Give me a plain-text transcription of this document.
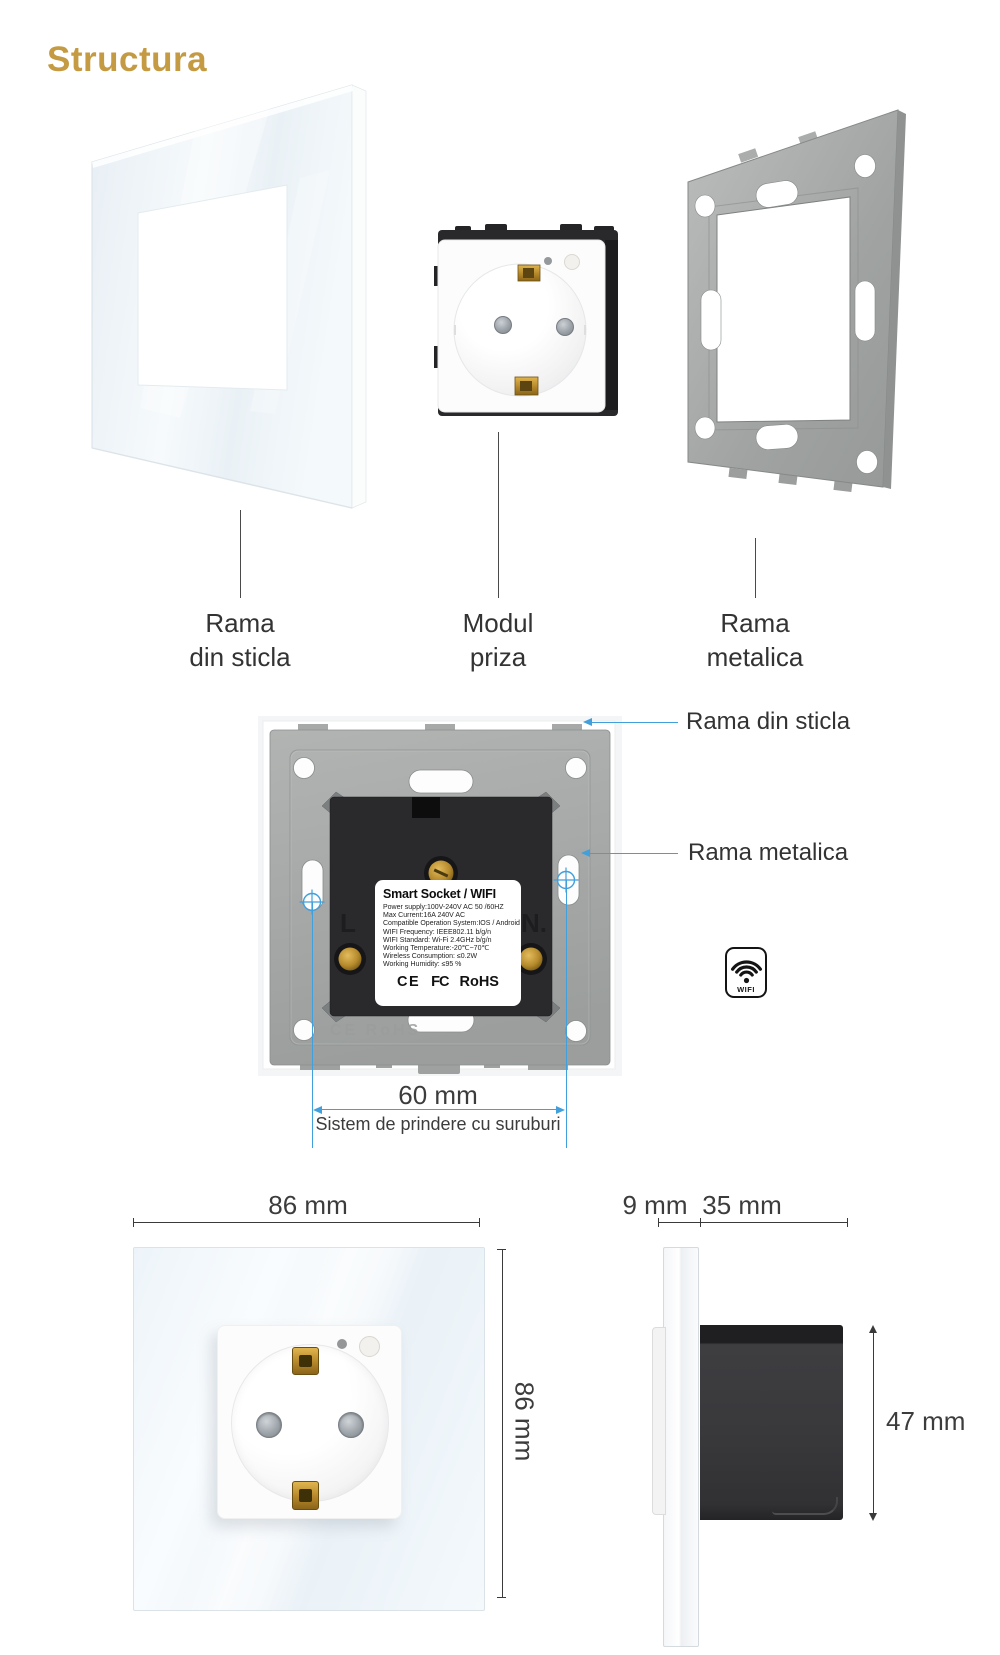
Structura
Rama
din sticla
Modul
priza
Rama
metalica
L	N.
Smart Socket / WIFI
Power supply:100V-240V AC 50 /60HZ
Max Current:16A 240V AC
Compatible Operation System:IOS / Android
WIFI Frequency: IEEE802.11 b/g/n
WIFI Standard: Wi-Fi 2.4GHz b/g/n
Working Temperature:-20℃~70℃
Wireless Consumption: ≤0.2W
Working Humidity: ≤95 %
CE FC RoHS
CE RoHS
Rama din sticla
Rama metalica
WIFI
60 mm
Sistem de prindere cu suruburi
86 mm
86 mm
9 mm 35 mm
47 mm
